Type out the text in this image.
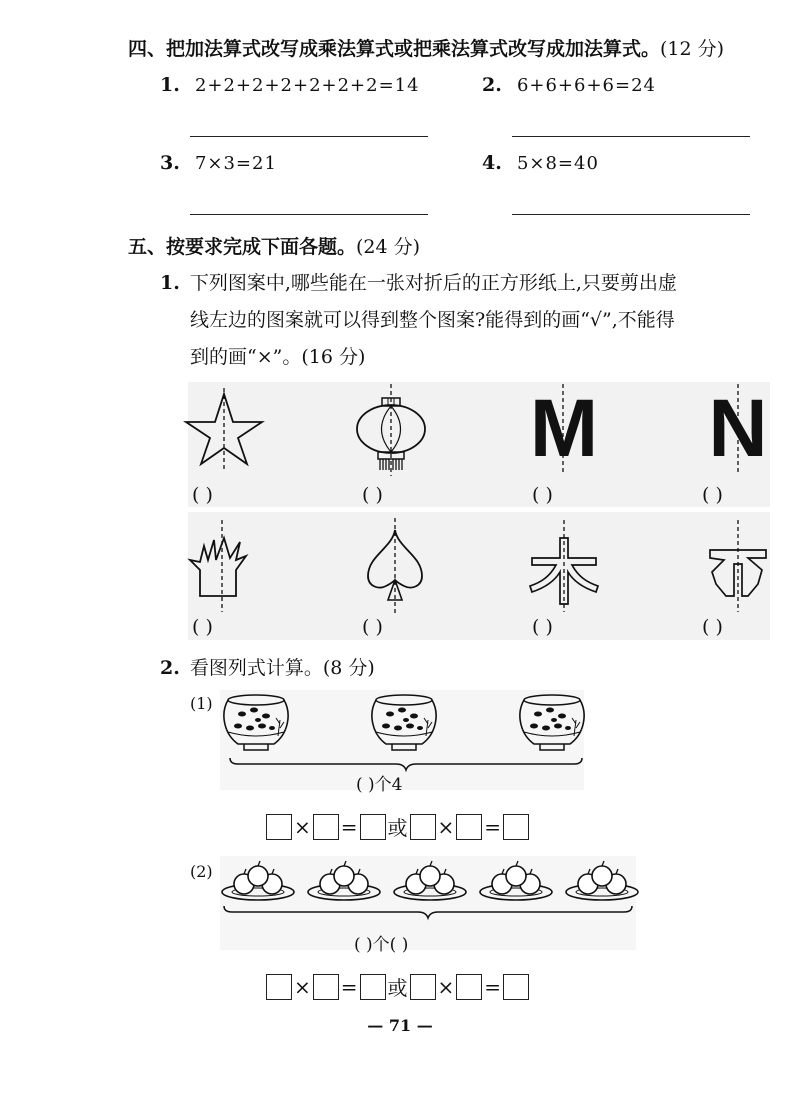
四、把加法算式改写成乘法算式或把乘法算式改写成加法算式。(12 分)
1. 2+2+2+2+2+2+2=14	2. 6+6+6+6=24
3. 7×3=21	4. 5×8=40
五、按要求完成下面各题。(24 分)
1. 下列图案中,哪些能在一张对折后的正方形纸上,只要剪出虚
线左边的图案就可以得到整个图案?能得到的画“√”,不能得
到的画“×”。(16 分)
M N
( )	( )	( )	( )
( )	( )	( )	( )
2. 看图列式计算。(8 分)
(1)
( )个4
× = 或 × =
(2)
( )个( )
× = 或 × =
— 71 —
